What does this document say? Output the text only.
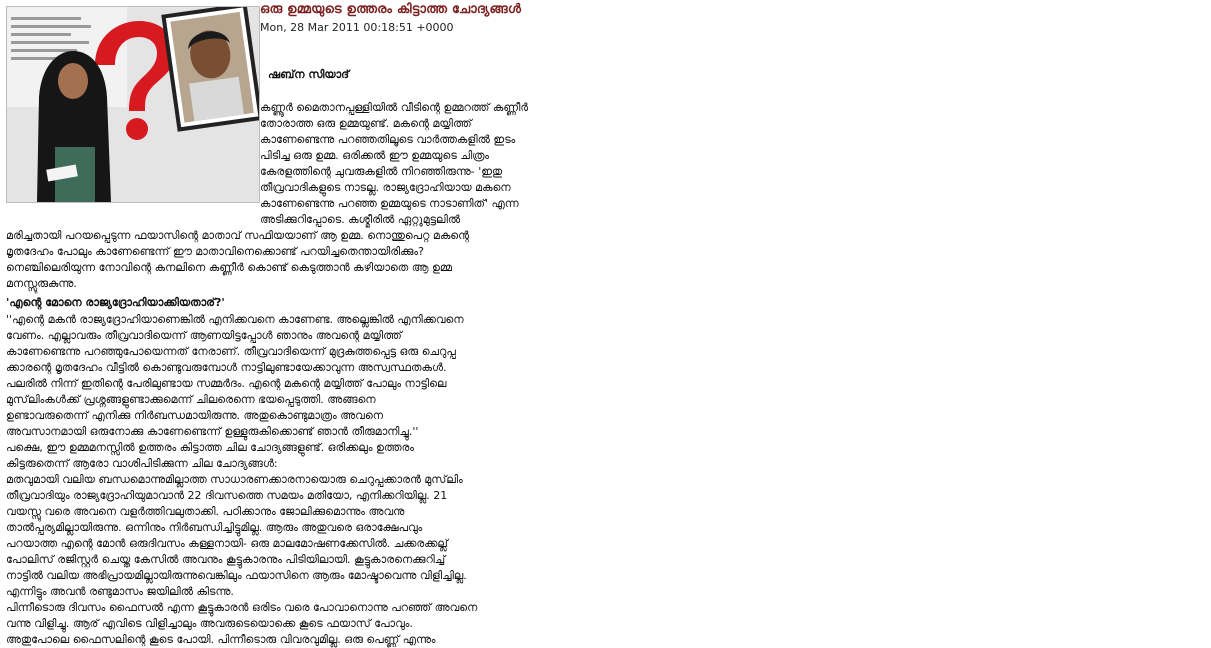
ഒരു ഉമ്മയുടെ ഉത്തരം കിട്ടാത്ത ചോദ്യങ്ങൾ
Mon, 28 Mar 2011 00:18:51 +0000
ഷബ്‌ന സിയാദ്
കണ്ണൂർ മൈതാനപ്പള്ളിയിൽ വീടിന്റെ ഉമ്മറത്ത് കണ്ണീർ
തോരാത്ത ഒരു ഉമ്മയുണ്ട്. മകന്റെ മയ്യിത്ത്
കാണേണ്ടെന്നു പറഞ്ഞതിലൂടെ വാർത്തകളിൽ ഇടം
പിടിച്ച ഒരു ഉമ്മ. ഒരിക്കൽ ഈ ഉമ്മയുടെ ചിത്രം
കേരളത്തിന്റെ ചുവരുകളിൽ നിറഞ്ഞിരുന്നു- 'ഇതു
തീവ്രവാദികളുടെ നാടല്ല. രാജ്യദ്രോഹിയായ മകനെ
കാണേണ്ടെന്നു പറഞ്ഞ ഉമ്മയുടെ നാടാണിത്' എന്ന
അടിക്കുറിപ്പോടെ. കശ്മീരിൽ ഏറ്റുമുട്ടലിൽ
മരിച്ചതായി പറയപ്പെടുന്ന ഫയാസിന്റെ മാതാവ് സഫിയയാണ് ആ ഉമ്മ. നൊന്തുപെറ്റ മകന്റെ
മൃതദേഹം പോലും കാണേണ്ടെന്ന് ഈ മാതാവിനെക്കൊണ്ട് പറയിച്ചതെന്തായിരിക്കും?
നെഞ്ചിലെരിയുന്ന നോവിന്റെ കനലിനെ കണ്ണീർ കൊണ്ട് കെടുത്താൻ കഴിയാതെ ആ ഉമ്മ
മനസ്സുരുകുന്നു.
'എന്റെ മോനെ രാജ്യദ്രോഹിയാക്കിയതാര്?'
''എന്റെ മകൻ രാജ്യദ്രോഹിയാണെങ്കിൽ എനിക്കവനെ കാണേണ്ട. അല്ലെങ്കിൽ എനിക്കവനെ
വേണം. എല്ലാവരും തീവ്രവാദിയെന്ന് ആണയിട്ടപ്പോൾ ഞാനും അവന്റെ മയ്യിത്ത്
കാണേണ്ടെന്നു പറഞ്ഞുപോയെന്നത് നേരാണ്. തീവ്രവാദിയെന്ന് മുദ്രകുത്തപ്പെട്ട ഒരു ചെറുപ്പ
ക്കാരന്റെ മൃതദേഹം വീട്ടിൽ കൊണ്ടുവരുമ്പോൾ നാട്ടിലുണ്ടായേക്കാവുന്ന അസ്വസ്ഥതകൾ.
പലരിൽ നിന്ന് ഇതിന്റെ പേരിലുണ്ടായ സമ്മർദം. എന്റെ മകന്റെ മയ്യിത്ത് പോലും നാട്ടിലെ
മുസ്‌ലിംകൾക്ക് പ്രശ്നങ്ങളുണ്ടാക്കുമെന്ന് ചിലരെന്നെ ഭയപ്പെടുത്തി. അങ്ങനെ
ഉണ്ടാവരുതെന്ന് എനിക്കു നിർബന്ധമായിരുന്നു. അതുകൊണ്ടുമാത്രം അവനെ
അവസാനമായി ഒരുനോക്കു കാണേണ്ടെന്ന് ഉള്ളുരുകിക്കൊണ്ട് ഞാൻ തീരുമാനിച്ചു.''
പക്ഷെ, ഈ ഉമ്മമനസ്സിൽ ഉത്തരം കിട്ടാത്ത ചില ചോദ്യങ്ങളുണ്ട്. ഒരിക്കലും ഉത്തരം
കിട്ടരുതെന്ന് ആരോ വാശിപിടിക്കുന്ന ചില ചോദ്യങ്ങൾ:
മതവുമായി വലിയ ബന്ധമൊന്നുമില്ലാത്ത സാധാരണക്കാരനായൊരു ചെറുപ്പക്കാരൻ മുസ്‌ലിം
തീവ്രവാദിയും രാജ്യദ്രോഹിയുമാവാൻ 22 ദിവസത്തെ സമയം മതിയോ, എനിക്കറിയില്ല. 21
വയസ്സു വരെ അവനെ വളർത്തിവലുതാക്കി. പഠിക്കാനും ജോലിക്കുമൊന്നും അവനു
താൽപ്പര്യമില്ലായിരുന്നു. ഒന്നിനും നിർബന്ധിച്ചിട്ടുമില്ല. ആരും അതുവരെ ഒരാക്ഷേപവും
പറയാത്ത എന്റെ മോൻ ഒരുദിവസം കള്ളനായി- ഒരു മാലമോഷണക്കേസിൽ. ചക്കരക്കല്ല്
പോലിസ് രജിസ്റ്റർ ചെയ്ത കേസിൽ അവനും കൂട്ടുകാരനും പിടിയിലായി. കൂട്ടുകാരനെക്കുറിച്ച്
നാട്ടിൽ വലിയ അഭിപ്രായമില്ലായിരുന്നുവെങ്കിലും ഫയാസിനെ ആരും മോഷ്ടാവെന്നു വിളിച്ചില്ല.
എന്നിട്ടും അവൻ രണ്ടുമാസം ജയിലിൽ കിടന്നു.
പിന്നീടൊരു ദിവസം ഫൈസൽ എന്ന കൂട്ടുകാരൻ ഒരിടം വരെ പോവാനൊന്നു പറഞ്ഞ് അവനെ
വന്നു വിളിച്ചു. ആര് എവിടെ വിളിച്ചാലും അവരുടെയൊക്കെ കൂടെ ഫയാസ് പോവും.
അതുപോലെ ഫൈസലിന്റെ കൂടെ പോയി. പിന്നീടൊരു വിവരവുമില്ല. ഒരു പെണ്ണ് എന്നും
